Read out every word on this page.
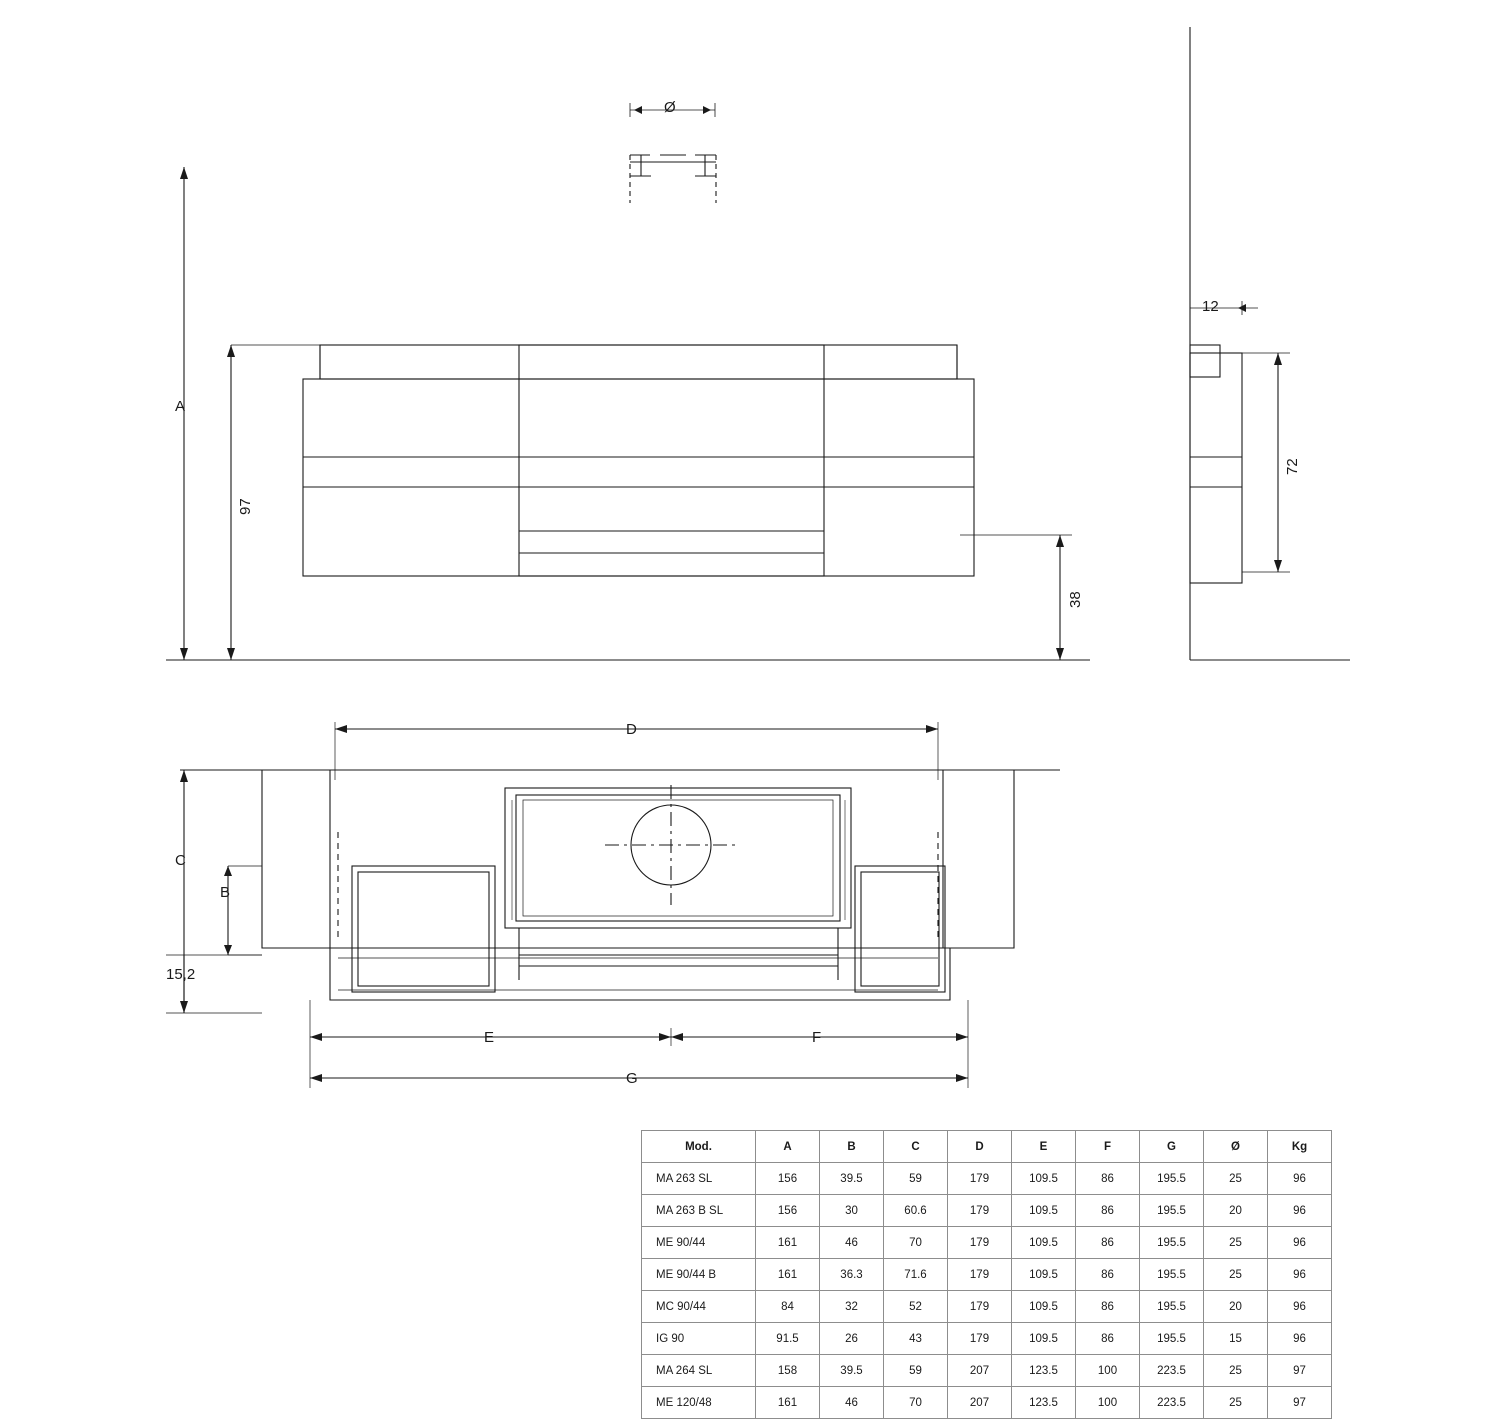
A
97
38
Ø
12
72
D
C
B
15,2
E	F
G
Mod.	A	B	C	D	E	F	G	Ø	Kg
MA 263 SL	156	39.5	59	179	109.5	86	195.5	25	96
MA 263 B SL	156	30	60.6	179	109.5	86	195.5	20	96
ME 90/44	161	46	70	179	109.5	86	195.5	25	96
ME 90/44 B	161	36.3	71.6	179	109.5	86	195.5	25	96
MC 90/44	84	32	52	179	109.5	86	195.5	20	96
IG 90	91.5	26	43	179	109.5	86	195.5	15	96
MA 264 SL	158	39.5	59	207	123.5	100	223.5	25	97
ME 120/48	161	46	70	207	123.5	100	223.5	25	97
